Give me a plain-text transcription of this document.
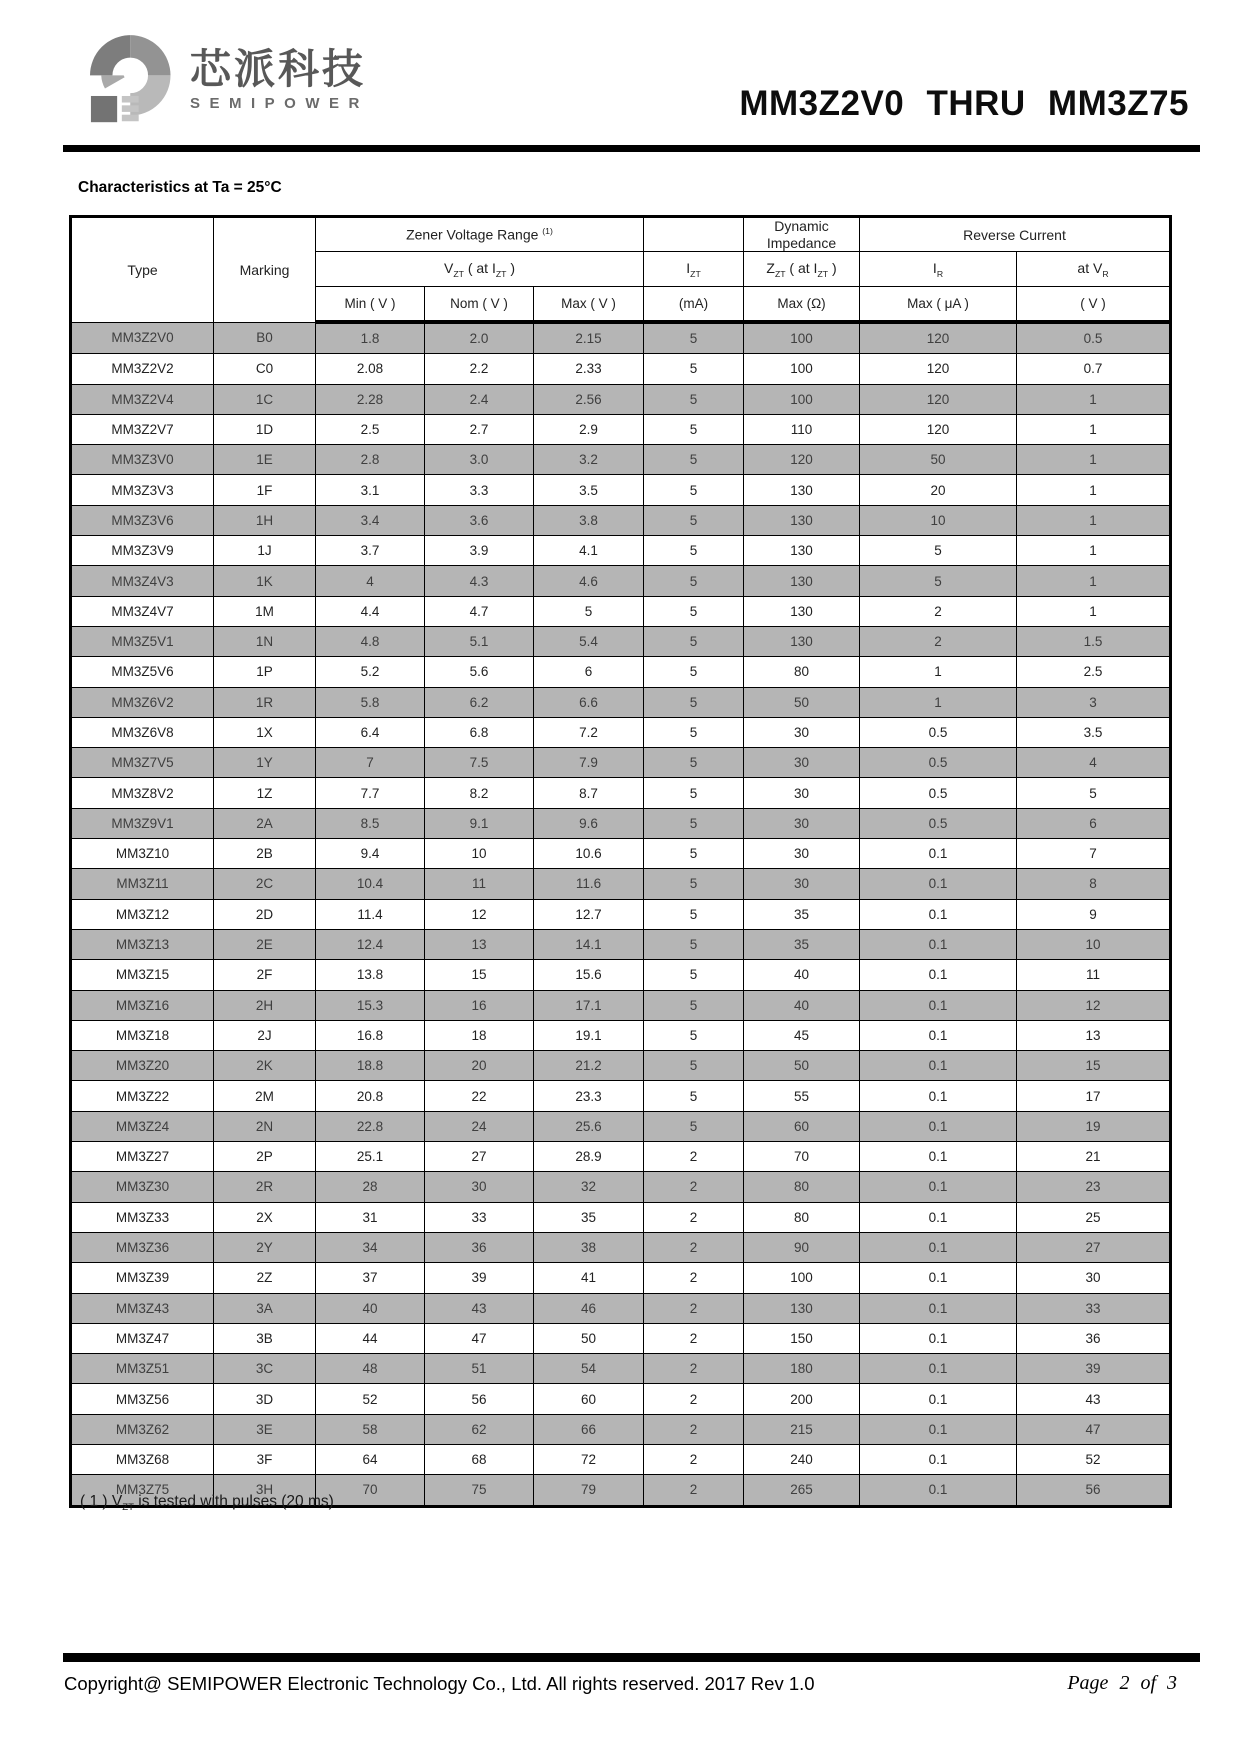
芯派科技
SEMIPOWER	MM3Z2V0 THRU MM3Z75
Characteristics at Ta = 25°C
Type	Marking	Zener Voltage Range $^{(1)}$				Dynamic Impedance	Reverse Current	
		$V_{ZT}$ ( at $I_{ZT}$ )			$I_{ZT}$	$Z_{ZT}$ ( at $I_{ZT}$ )	$I_R$	at $V_R$
		Min ( V )	Nom ( V )	Max ( V )	(mA)	Max (Ω)	Max ( μA )	( V )
MM3Z2V0	B0	1.8	2.0	2.15	5	100	120	0.5
MM3Z2V2	C0	2.08	2.2	2.33	5	100	120	0.7
MM3Z2V4	1C	2.28	2.4	2.56	5	100	120	1
MM3Z2V7	1D	2.5	2.7	2.9	5	110	120	1
MM3Z3V0	1E	2.8	3.0	3.2	5	120	50	1
MM3Z3V3	1F	3.1	3.3	3.5	5	130	20	1
MM3Z3V6	1H	3.4	3.6	3.8	5	130	10	1
MM3Z3V9	1J	3.7	3.9	4.1	5	130	5	1
MM3Z4V3	1K	4	4.3	4.6	5	130	5	1
MM3Z4V7	1M	4.4	4.7	5	5	130	2	1
MM3Z5V1	1N	4.8	5.1	5.4	5	130	2	1.5
MM3Z5V6	1P	5.2	5.6	6	5	80	1	2.5
MM3Z6V2	1R	5.8	6.2	6.6	5	50	1	3
MM3Z6V8	1X	6.4	6.8	7.2	5	30	0.5	3.5
MM3Z7V5	1Y	7	7.5	7.9	5	30	0.5	4
MM3Z8V2	1Z	7.7	8.2	8.7	5	30	0.5	5
MM3Z9V1	2A	8.5	9.1	9.6	5	30	0.5	6
MM3Z10	2B	9.4	10	10.6	5	30	0.1	7
MM3Z11	2C	10.4	11	11.6	5	30	0.1	8
MM3Z12	2D	11.4	12	12.7	5	35	0.1	9
MM3Z13	2E	12.4	13	14.1	5	35	0.1	10
MM3Z15	2F	13.8	15	15.6	5	40	0.1	11
MM3Z16	2H	15.3	16	17.1	5	40	0.1	12
MM3Z18	2J	16.8	18	19.1	5	45	0.1	13
MM3Z20	2K	18.8	20	21.2	5	50	0.1	15
MM3Z22	2M	20.8	22	23.3	5	55	0.1	17
MM3Z24	2N	22.8	24	25.6	5	60	0.1	19
MM3Z27	2P	25.1	27	28.9	2	70	0.1	21
MM3Z30	2R	28	30	32	2	80	0.1	23
MM3Z33	2X	31	33	35	2	80	0.1	25
MM3Z36	2Y	34	36	38	2	90	0.1	27
MM3Z39	2Z	37	39	41	2	100	0.1	30
MM3Z43	3A	40	43	46	2	130	0.1	33
MM3Z47	3B	44	47	50	2	150	0.1	36
MM3Z51	3C	48	51	54	2	180	0.1	39
MM3Z56	3D	52	56	60	2	200	0.1	43
MM3Z62	3E	58	62	66	2	215	0.1	47
MM3Z68	3F	64	68	72	2	240	0.1	52
MM3Z75	3H	70	75	79	2	265	0.1	56
( 1 ) $V_{ZT}$ is tested with pulses (20 ms)
Copyright@ SEMIPOWER Electronic Technology Co., Ltd. All rights reserved. 2017 Rev 1.0	Page 2 of 3
